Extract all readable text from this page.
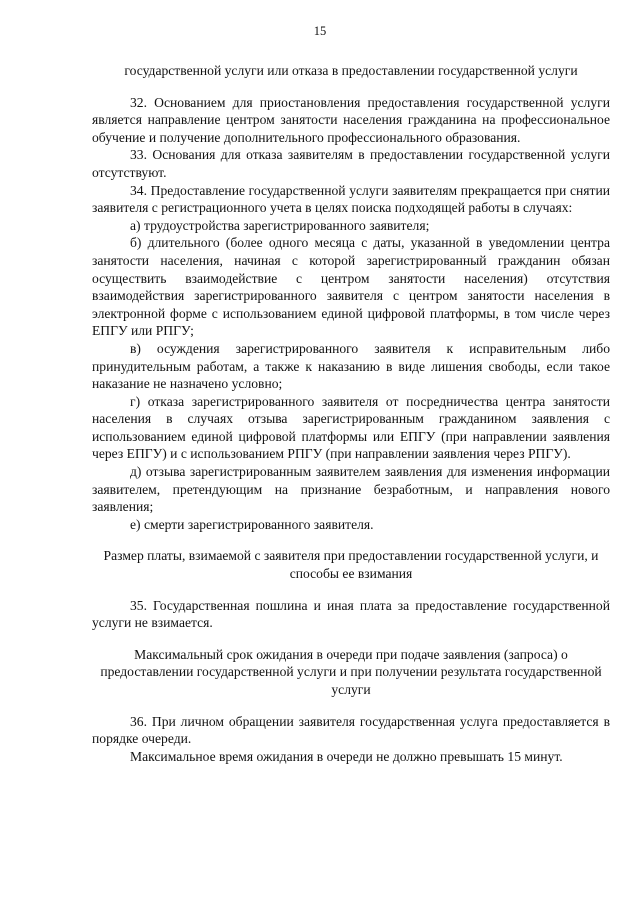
15

государственной услуги или отказа в предоставлении государственной услуги

32. Основанием для приостановления предоставления государственной услуги является направление центром занятости населения гражданина на профессиональное обучение и получение дополнительного профессионального образования.

33. Основания для отказа заявителям в предоставлении государственной услуги отсутствуют.

34. Предоставление государственной услуги заявителям прекращается при снятии заявителя с регистрационного учета в целях поиска подходящей работы в случаях:

а) трудоустройства зарегистрированного заявителя;

б) длительного (более одного месяца с даты, указанной в уведомлении центра занятости населения, начиная с которой зарегистрированный гражданин обязан осуществить взаимодействие с центром занятости населения) отсутствия взаимодействия зарегистрированного заявителя с центром занятости населения в электронной форме с использованием единой цифровой платформы, в том числе через ЕПГУ или РПГУ;

в) осуждения зарегистрированного заявителя к исправительным либо принудительным работам, а также к наказанию в виде лишения свободы, если такое наказание не назначено условно;

г) отказа зарегистрированного заявителя от посредничества центра занятости населения в случаях отзыва зарегистрированным гражданином заявления с использованием единой цифровой платформы или ЕПГУ (при направлении заявления через ЕПГУ) и с использованием РПГУ (при направлении заявления через РПГУ).

д) отзыва зарегистрированным заявителем заявления для изменения информации заявителем, претендующим на признание безработным, и направления нового заявления;

е) смерти зарегистрированного заявителя.

Размер платы, взимаемой с заявителя при предоставлении государственной услуги, и способы ее взимания

35. Государственная пошлина и иная плата за предоставление государственной услуги не взимается.

Максимальный срок ожидания в очереди при подаче заявления (запроса) о предоставлении государственной услуги и при получении результата государственной услуги

36. При личном обращении заявителя государственная услуга предоставляется в порядке очереди.

Максимальное время ожидания в очереди не должно превышать 15 минут.
